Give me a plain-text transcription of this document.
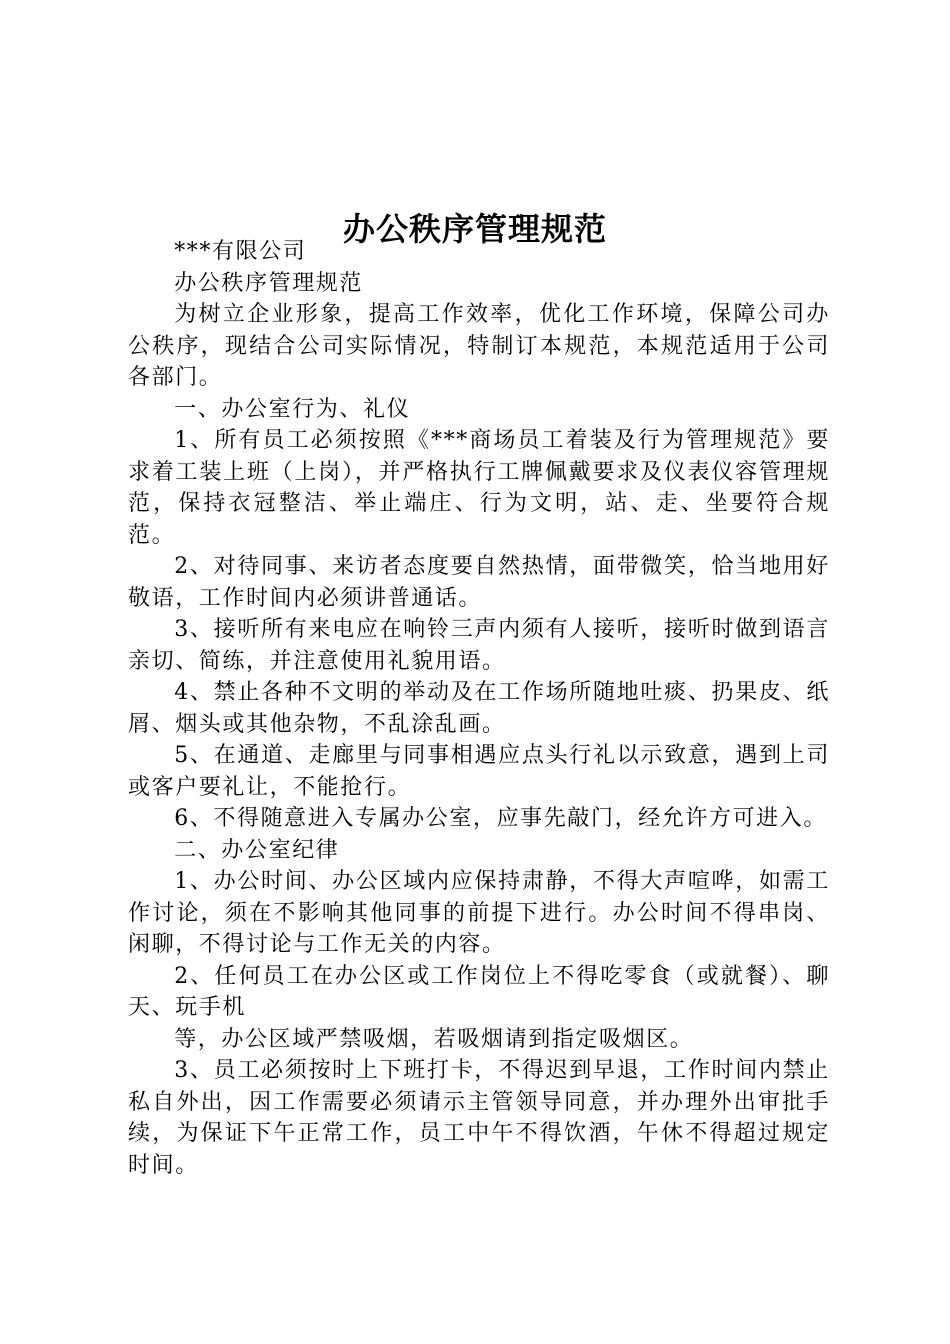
办公秩序管理规范

***有限公司

办公秩序管理规范

为树立企业形象，提高工作效率，优化工作环境，保障公司办公秩序，现结合公司实际情况，特制订本规范，本规范适用于公司各部门。

一、办公室行为、礼仪

1、所有员工必须按照《***商场员工着装及行为管理规范》要求着工装上班（上岗），并严格执行工牌佩戴要求及仪表仪容管理规范，保持衣冠整洁、举止端庄、行为文明，站、走、坐要符合规范。

2、对待同事、来访者态度要自然热情，面带微笑，恰当地用好敬语，工作时间内必须讲普通话。

3、接听所有来电应在响铃三声内须有人接听，接听时做到语言亲切、简练，并注意使用礼貌用语。

4、禁止各种不文明的举动及在工作场所随地吐痰、扔果皮、纸屑、烟头或其他杂物，不乱涂乱画。

5、在通道、走廊里与同事相遇应点头行礼以示致意，遇到上司或客户要礼让，不能抢行。

6、不得随意进入专属办公室，应事先敲门，经允许方可进入。

二、办公室纪律

1、办公时间、办公区域内应保持肃静，不得大声喧哗，如需工作讨论，须在不影响其他同事的前提下进行。办公时间不得串岗、闲聊，不得讨论与工作无关的内容。

2、任何员工在办公区或工作岗位上不得吃零食（或就餐）、聊天、玩手机

等，办公区域严禁吸烟，若吸烟请到指定吸烟区。

3、员工必须按时上下班打卡，不得迟到早退，工作时间内禁止私自外出，因工作需要必须请示主管领导同意，并办理外出审批手续，为保证下午正常工作，员工中午不得饮酒，午休不得超过规定时间。
